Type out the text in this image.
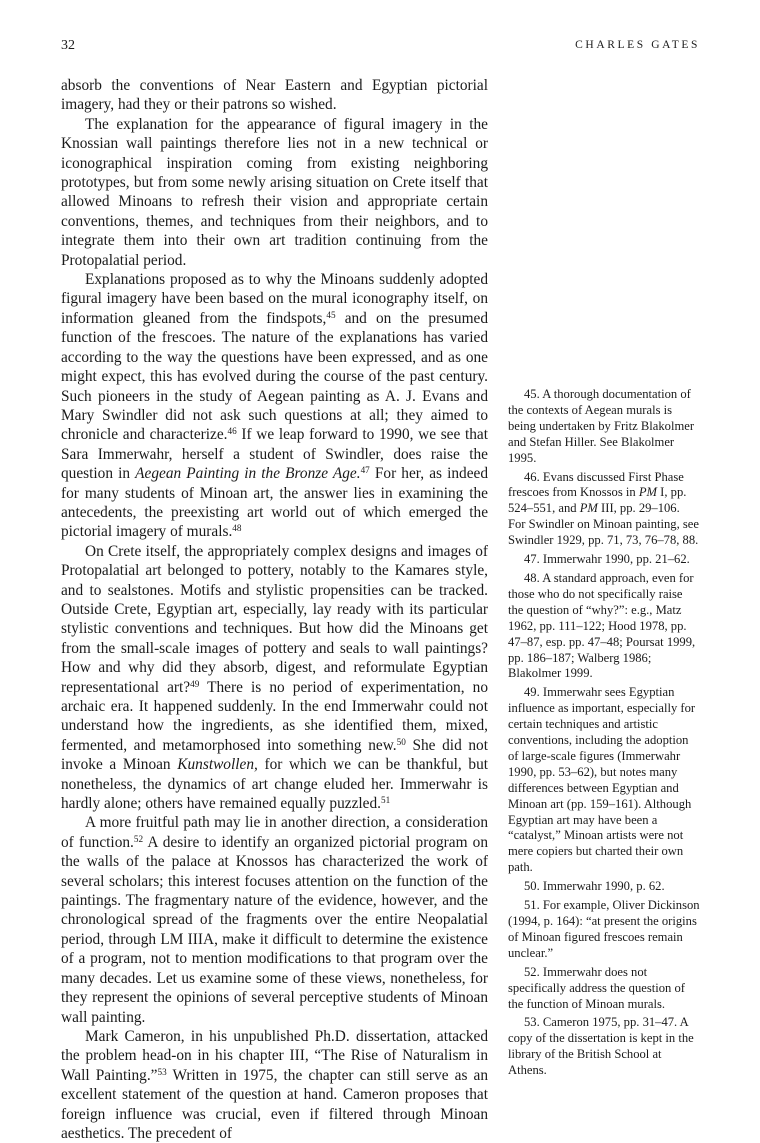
32	CHARLES GATES

absorb the conventions of Near Eastern and Egyptian pictorial imagery, had they or their patrons so wished.

The explanation for the appearance of figural imagery in the Knossian wall paintings therefore lies not in a new technical or iconographical inspiration coming from existing neighboring prototypes, but from some newly arising situation on Crete itself that allowed Minoans to refresh their vision and appropriate certain conventions, themes, and techniques from their neighbors, and to integrate them into their own art tradition continuing from the Protopalatial period.

Explanations proposed as to why the Minoans suddenly adopted figural imagery have been based on the mural iconography itself, on information gleaned from the findspots,$^{45}$ and on the presumed function of the frescoes. The nature of the explanations has varied according to the way the questions have been expressed, and as one might expect, this has evolved during the course of the past century. Such pioneers in the study of Aegean painting as A. J. Evans and Mary Swindler did not ask such questions at all; they aimed to chronicle and characterize.$^{46}$ If we leap forward to 1990, we see that Sara Immerwahr, herself a student of Swindler, does raise the question in Aegean Painting in the Bronze Age.$^{47}$ For her, as indeed for many students of Minoan art, the answer lies in examining the antecedents, the preexisting art world out of which emerged the pictorial imagery of murals.$^{48}$

On Crete itself, the appropriately complex designs and images of Protopalatial art belonged to pottery, notably to the Kamares style, and to sealstones. Motifs and stylistic propensities can be tracked. Outside Crete, Egyptian art, especially, lay ready with its particular stylistic conventions and techniques. But how did the Minoans get from the small-scale images of pottery and seals to wall paintings? How and why did they absorb, digest, and reformulate Egyptian representational art?$^{49}$ There is no period of experimentation, no archaic era. It happened suddenly. In the end Immerwahr could not understand how the ingredients, as she identified them, mixed, fermented, and metamorphosed into something new.$^{50}$ She did not invoke a Minoan Kunstwollen, for which we can be thankful, but nonetheless, the dynamics of art change eluded her. Immerwahr is hardly alone; others have remained equally puzzled.$^{51}$

A more fruitful path may lie in another direction, a consideration of function.$^{52}$ A desire to identify an organized pictorial program on the walls of the palace at Knossos has characterized the work of several scholars; this interest focuses attention on the function of the paintings. The fragmentary nature of the evidence, however, and the chronological spread of the fragments over the entire Neopalatial period, through LM IIIA, make it difficult to determine the existence of a program, not to mention modifications to that program over the many decades. Let us examine some of these views, nonetheless, for they represent the opinions of several perceptive students of Minoan wall painting.

Mark Cameron, in his unpublished Ph.D. dissertation, attacked the problem head-on in his chapter III, “The Rise of Naturalism in Wall Painting.”$^{53}$ Written in 1975, the chapter can still serve as an excellent statement of the question at hand. Cameron proposes that foreign influence was crucial, even if filtered through Minoan aesthetics. The precedent of

45. A thorough documentation of the contexts of Aegean murals is being undertaken by Fritz Blakolmer and Stefan Hiller. See Blakolmer 1995.

46. Evans discussed First Phase frescoes from Knossos in PM I, pp. 524–551, and PM III, pp. 29–106. For Swindler on Minoan painting, see Swindler 1929, pp. 71, 73, 76–78, 88.

47. Immerwahr 1990, pp. 21–62.

48. A standard approach, even for those who do not specifically raise the question of “why?”: e.g., Matz 1962, pp. 111–122; Hood 1978, pp. 47–87, esp. pp. 47–48; Poursat 1999, pp. 186–187; Walberg 1986; Blakolmer 1999.

49. Immerwahr sees Egyptian influence as important, especially for certain techniques and artistic conventions, including the adoption of large-scale figures (Immerwahr 1990, pp. 53–62), but notes many differences between Egyptian and Minoan art (pp. 159–161). Although Egyptian art may have been a “catalyst,” Minoan artists were not mere copiers but charted their own path.

50. Immerwahr 1990, p. 62.

51. For example, Oliver Dickinson (1994, p. 164): “at present the origins of Minoan figured frescoes remain unclear.”

52. Immerwahr does not specifically address the question of the function of Minoan murals.

53. Cameron 1975, pp. 31–47. A copy of the dissertation is kept in the library of the British School at Athens.
